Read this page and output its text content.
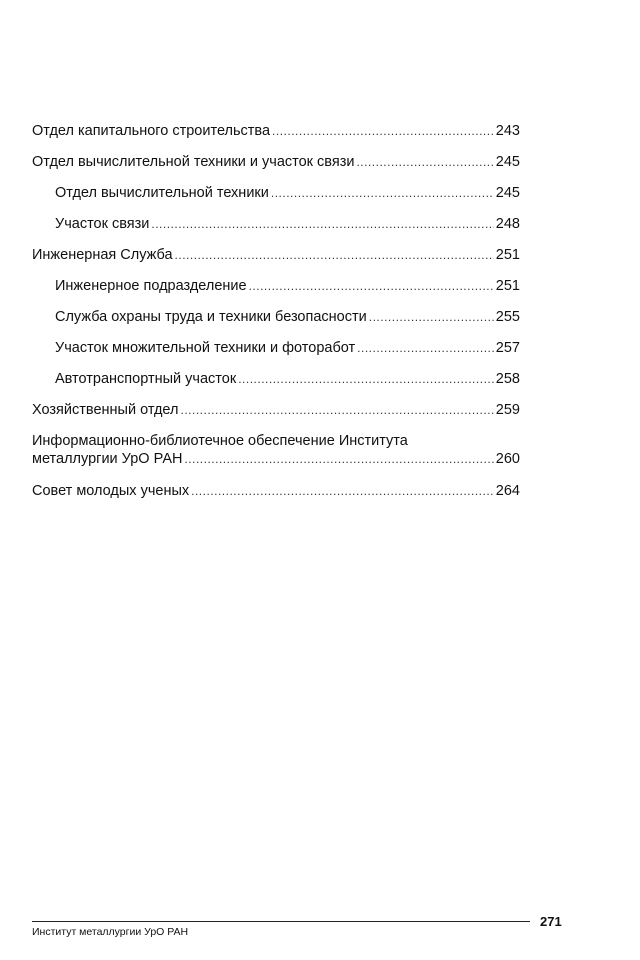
Отдел капитального строительства .....	243
Отдел вычислительной техники и участок связи .....	245
Отдел вычислительной техники .....	245
Участок связи .....	248
Инженерная Служба .....	251
Инженерное подразделение .....	251
Служба охраны труда и техники безопасности .....	255
Участок множительной техники и фоторабот .....	257
Автотранспортный участок .....	258
Хозяйственный отдел .....	259
Информационно-библиотечное обеспечение Института
металлургии УрО РАН .....	260
Совет молодых ученых .....	264
Институт металлургии УрО РАН
271
